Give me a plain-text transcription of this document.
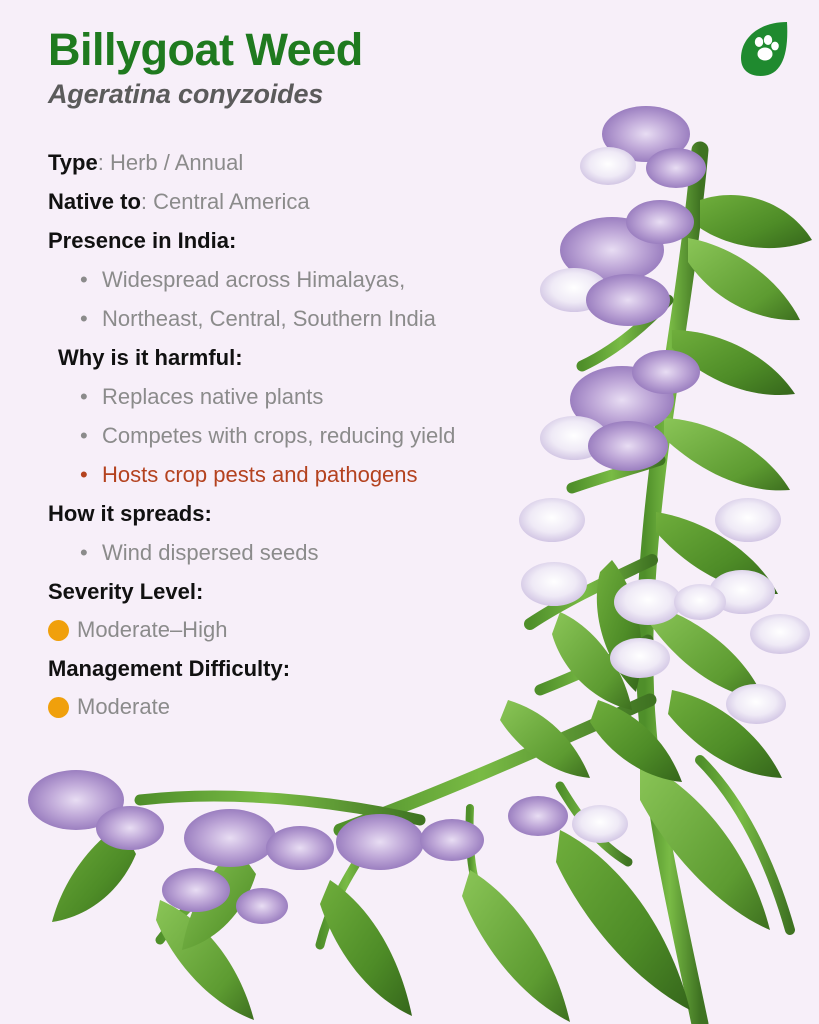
Billygoat Weed
Ageratina conyzoides
Type: Herb / Annual
Native to: Central America
Presence in India:
• Widespread across Himalayas,
• Northeast, Central, Southern India
Why is it harmful:
• Replaces native plants
• Competes with crops, reducing yield
• Hosts crop pests and pathogens
How it spreads:
• Wind dispersed seeds
Severity Level:
Moderate–High
Management Difficulty:
Moderate
